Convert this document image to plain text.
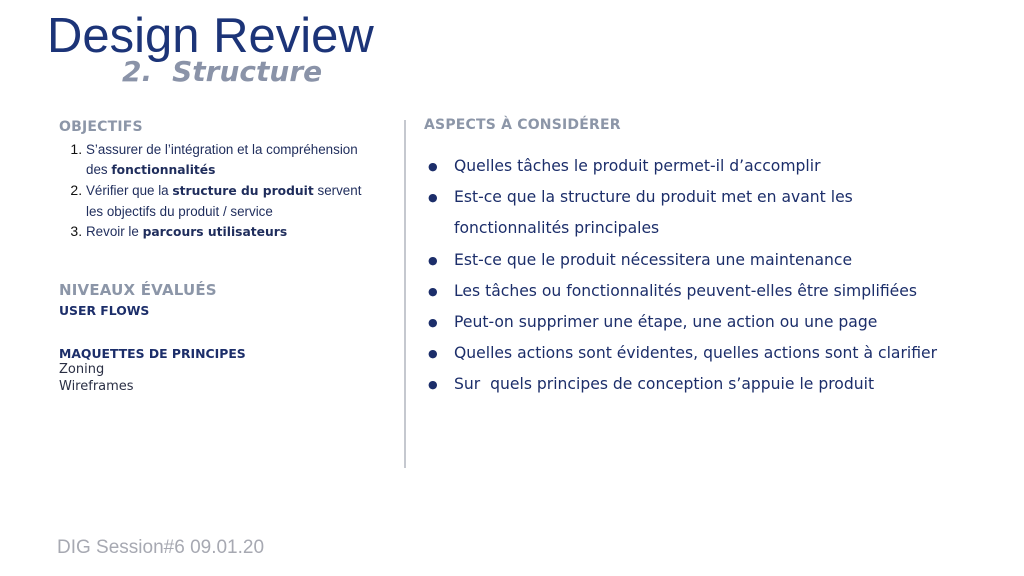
Design Review
2. Structure
OBJECTIFS
1. S’assurer de l’intégration et la compréhension des fonctionnalités
2. Vérifier que la structure du produit servent les objectifs du produit / service
3. Revoir le parcours utilisateurs
NIVEAUX ÉVALUÉS
USER FLOWS
MAQUETTES DE PRINCIPES
Zoning
Wireframes
ASPECTS À CONSIDÉRER
● Quelles tâches le produit permet-il d’accomplir
● Est-ce que la structure du produit met en avant les fonctionnalités principales
● Est-ce que le produit nécessitera une maintenance
● Les tâches ou fonctionnalités peuvent-elles être simplifiées
● Peut-on supprimer une étape, une action ou une page
● Quelles actions sont évidentes, quelles actions sont à clarifier
● Sur  quels principes de conception s’appuie le produit
DIG Session#6 09.01.20
